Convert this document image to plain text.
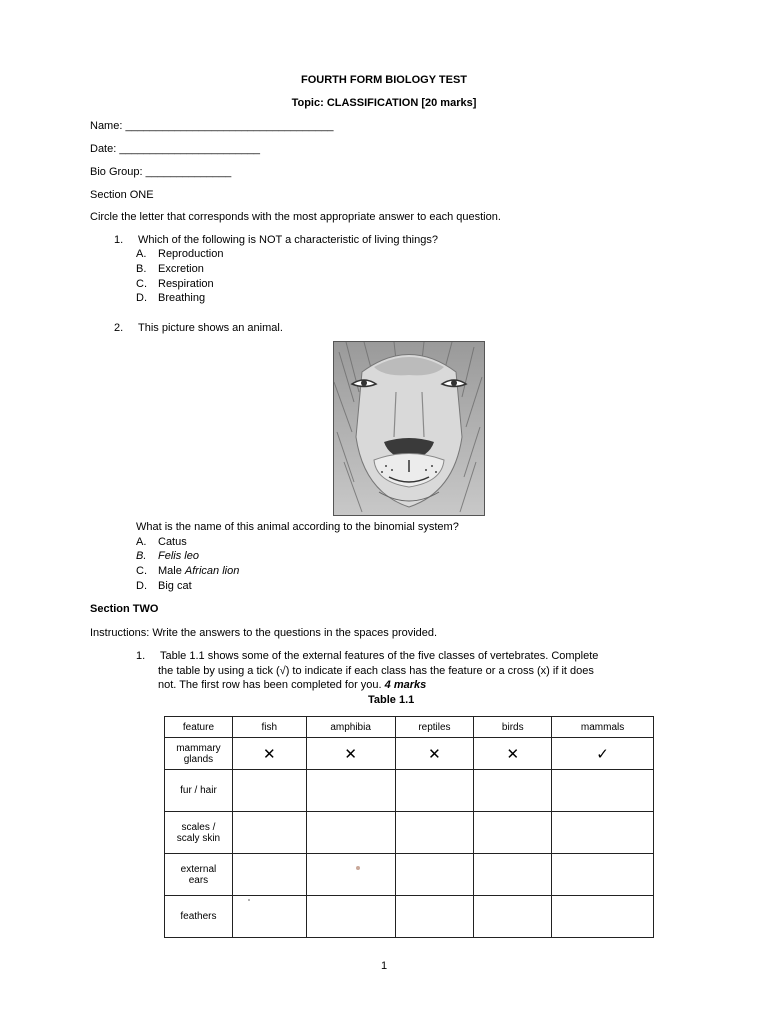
FOURTH FORM BIOLOGY TEST
Topic: CLASSIFICATION [20 marks]
Name: __________________________________
Date: _______________________
Bio Group: ______________
Section ONE
Circle the letter that corresponds with the most appropriate answer to each question.
1. Which of the following is NOT a characteristic of living things?
A. Reproduction
B. Excretion
C. Respiration
D. Breathing
2. This picture shows an animal.
What is the name of this animal according to the binomial system?
A. Catus
B. Felis leo
C. Male African lion
D. Big cat
Section TWO
Instructions: Write the answers to the questions in the spaces provided.
1. Table 1.1 shows some of the external features of the five classes of vertebrates. Complete
the table by using a tick (√) to indicate if each class has the feature or a cross (x) if it does
not. The first row has been completed for you. 4 marks
Table 1.1
feature	fish	amphibia	reptiles	birds	mammals

mammary
glands	✕	✕	✕	✕	✓

fur / hair					

scales /
scaly skin					

external
ears					

feathers					

1
